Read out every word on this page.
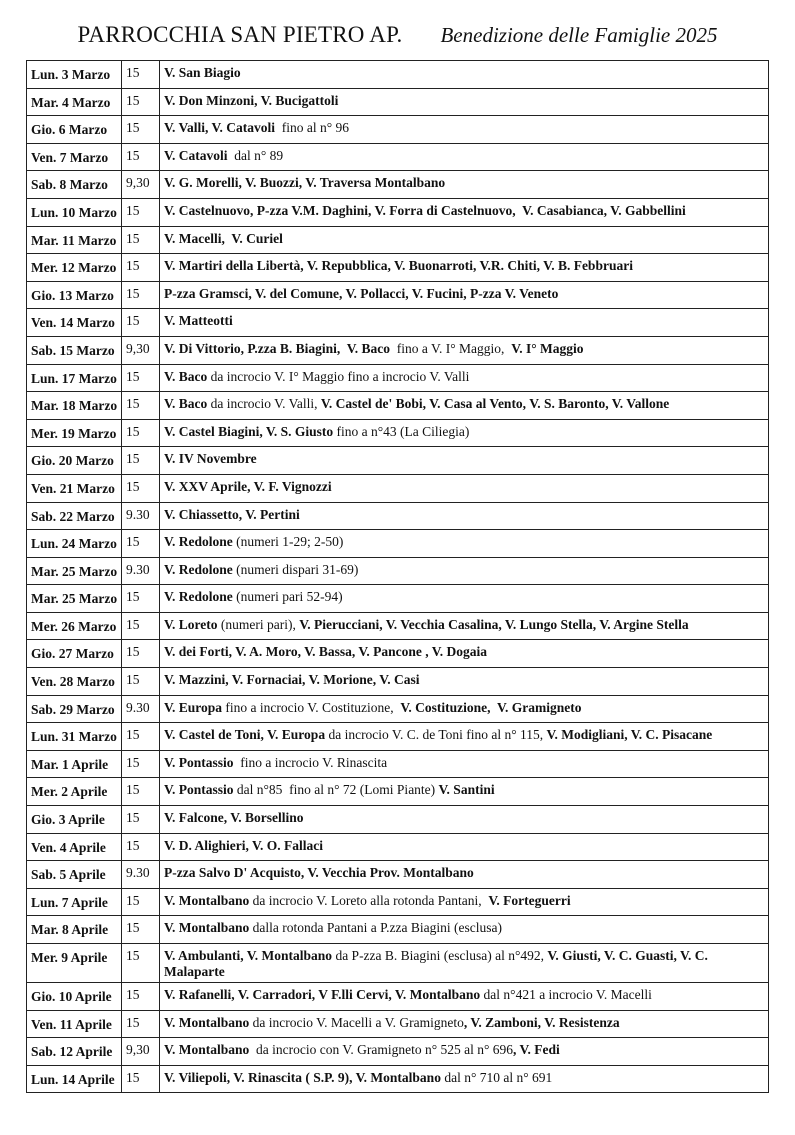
PARROCCHIA SAN PIETRO AP. Benedizione delle Famiglie 2025
Lun. 3 Marzo	15	V. San Biagio
Mar. 4 Marzo	15	V. Don Minzoni, V. Bucigattoli
Gio. 6 Marzo	15	V. Valli, V. Catavoli  fino al n° 96
Ven. 7 Marzo	15	V. Catavoli  dal n° 89
Sab. 8 Marzo	9,30	V. G. Morelli, V. Buozzi, V. Traversa Montalbano
Lun. 10 Marzo	15	V. Castelnuovo, P-zza V.M. Daghini, V. Forra di Castelnuovo,  V. Casabianca, V. Gabbellini
Mar. 11 Marzo	15	V. Macelli,  V. Curiel
Mer. 12 Marzo	15	V. Martiri della Libertà, V. Repubblica, V. Buonarroti, V.R. Chiti, V. B. Febbruari
Gio. 13 Marzo	15	P-zza Gramsci, V. del Comune, V. Pollacci, V. Fucini, P-zza V. Veneto
Ven. 14 Marzo	15	V. Matteotti
Sab. 15 Marzo	9,30	V. Di Vittorio, P.zza B. Biagini,  V. Baco  fino a V. I° Maggio,  V. I° Maggio
Lun. 17 Marzo	15	V. Baco da incrocio V. I° Maggio fino a incrocio V. Valli
Mar. 18 Marzo	15	V. Baco da incrocio V. Valli, V. Castel de' Bobi, V. Casa al Vento, V. S. Baronto, V. Vallone
Mer. 19 Marzo	15	V. Castel Biagini, V. S. Giusto fino a n°43 (La Ciliegia)
Gio. 20 Marzo	15	V. IV Novembre
Ven. 21 Marzo	15	V. XXV Aprile, V. F. Vignozzi
Sab. 22 Marzo	9.30	V. Chiassetto, V. Pertini
Lun. 24 Marzo	15	V. Redolone (numeri 1-29; 2-50)
Mar. 25 Marzo	9.30	V. Redolone (numeri dispari 31-69)
Mar. 25 Marzo	15	V. Redolone (numeri pari 52-94)
Mer. 26 Marzo	15	V. Loreto (numeri pari), V. Pierucciani, V. Vecchia Casalina, V. Lungo Stella, V. Argine Stella
Gio. 27 Marzo	15	V. dei Forti, V. A. Moro, V. Bassa, V. Pancone , V. Dogaia
Ven. 28 Marzo	15	V. Mazzini, V. Fornaciai, V. Morione, V. Casi
Sab. 29 Marzo	9.30	V. Europa fino a incrocio V. Costituzione,  V. Costituzione,  V. Gramigneto
Lun. 31 Marzo	15	V. Castel de Toni, V. Europa da incrocio V. C. de Toni fino al n° 115, V. Modigliani, V. C. Pisacane
Mar. 1 Aprile	15	V. Pontassio  fino a incrocio V. Rinascita
Mer. 2 Aprile	15	V. Pontassio dal n°85  fino al n° 72 (Lomi Piante) V. Santini
Gio. 3 Aprile	15	V. Falcone, V. Borsellino
Ven. 4 Aprile	15	V. D. Alighieri, V. O. Fallaci
Sab. 5 Aprile	9.30	P-zza Salvo D' Acquisto, V. Vecchia Prov. Montalbano
Lun. 7 Aprile	15	V. Montalbano da incrocio V. Loreto alla rotonda Pantani,  V. Forteguerri
Mar. 8 Aprile	15	V. Montalbano dalla rotonda Pantani a P.zza Biagini (esclusa)
Mer. 9 Aprile	15	V. Ambulanti, V. Montalbano da P-zza B. Biagini (esclusa) al n°492, V. Giusti, V. C. Guasti, V. C. Malaparte
Gio. 10 Aprile	15	V. Rafanelli, V. Carradori, V F.lli Cervi, V. Montalbano dal n°421 a incrocio V. Macelli
Ven. 11 Aprile	15	V. Montalbano da incrocio V. Macelli a V. Gramigneto, V. Zamboni, V. Resistenza
Sab. 12 Aprile	9,30	V. Montalbano  da incrocio con V. Gramigneto n° 525 al n° 696, V. Fedi
Lun. 14 Aprile	15	V. Viliepoli, V. Rinascita ( S.P. 9), V. Montalbano dal n° 710 al n° 691
